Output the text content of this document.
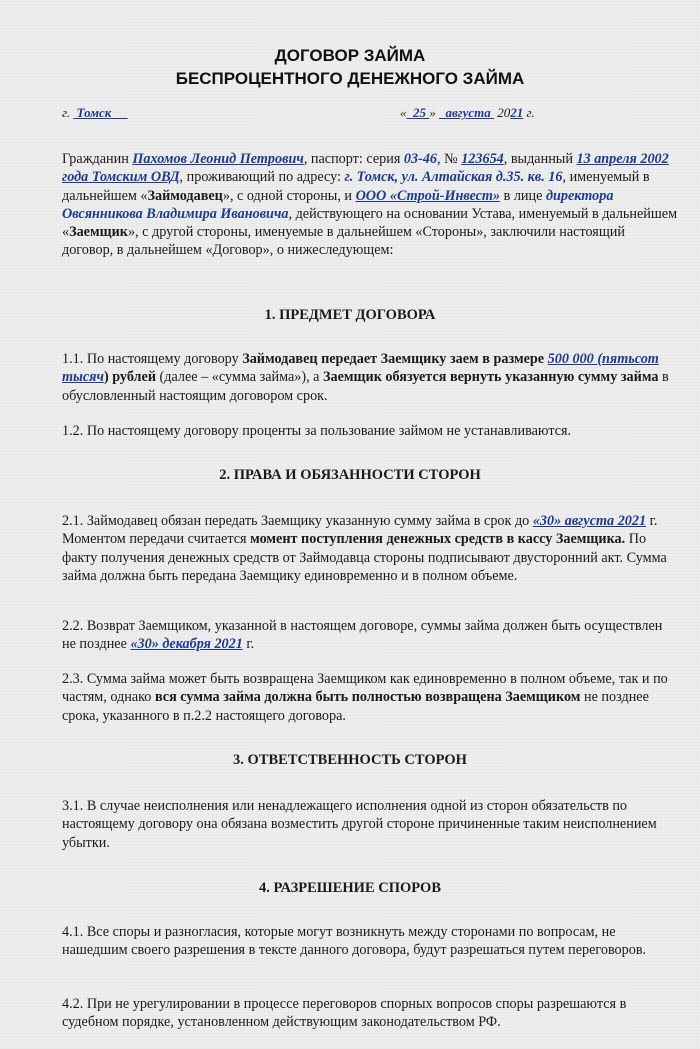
ДОГОВОР ЗАЙМА
БЕСПРОЦЕНТНОГО ДЕНЕЖНОГО ЗАЙМА
г. Томск	« 25 » августа 2021 г.

Гражданин Пахомов Леонид Петрович, паспорт: серия 03-46, № 123654, выданный 13 апреля 2002 года Томским ОВД, проживающий по адресу: г. Томск, ул. Алтайская д.35. кв. 16, именуемый в дальнейшем «Займодавец», с одной стороны, и ООО «Строй-Инвест» в лице директора Овсянникова Владимира Ивановича, действующего на основании Устава, именуемый в дальнейшем «Заемщик», с другой стороны, именуемые в дальнейшем «Стороны», заключили настоящий договор, в дальнейшем «Договор», о нижеследующем:

1. ПРЕДМЕТ ДОГОВОРА

1.1. По настоящему договору Займодавец передает Заемщику заем в размере 500 000 (пятьсот тысяч) рублей (далее – «сумма займа»), а Заемщик обязуется вернуть указанную сумму займа в обусловленный настоящим договором срок.

1.2. По настоящему договору проценты за пользование займом не устанавливаются.

2. ПРАВА И ОБЯЗАННОСТИ СТОРОН

2.1. Займодавец обязан передать Заемщику указанную сумму займа в срок до «30» августа 2021 г. Моментом передачи считается момент поступления денежных средств в кассу Заемщика. По факту получения денежных средств от Займодавца стороны подписывают двусторонний акт. Сумма займа должна быть передана Заемщику единовременно и в полном объеме.

2.2. Возврат Заемщиком, указанной в настоящем договоре, суммы займа должен быть осуществлен не позднее «30» декабря 2021 г.

2.3. Сумма займа может быть возвращена Заемщиком как единовременно в полном объеме, так и по частям, однако вся сумма займа должна быть полностью возвращена Заемщиком не позднее срока, указанного в п.2.2 настоящего договора.

3. ОТВЕТСТВЕННОСТЬ СТОРОН

3.1. В случае неисполнения или ненадлежащего исполнения одной из сторон обязательств по настоящему договору она обязана возместить другой стороне причиненные таким неисполнением убытки.

4. РАЗРЕШЕНИЕ СПОРОВ

4.1. Все споры и разногласия, которые могут возникнуть между сторонами по вопросам, не нашедшим своего разрешения в тексте данного договора, будут разрешаться путем переговоров.

4.2. При не урегулировании в процессе переговоров спорных вопросов споры разрешаются в судебном порядке, установленном действующим законодательством РФ.
